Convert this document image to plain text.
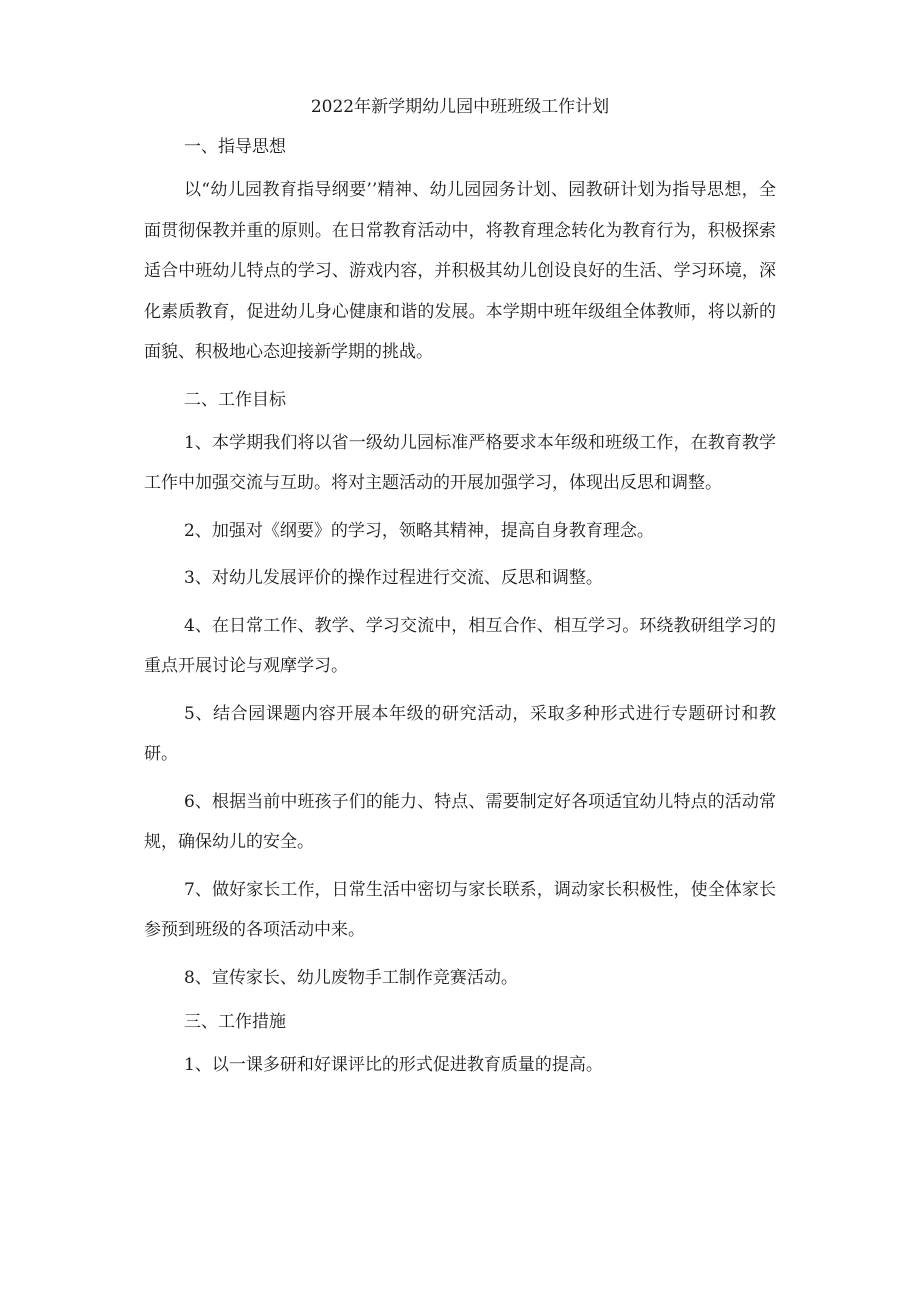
2022年新学期幼儿园中班班级工作计划

一、指导思想

以“幼儿园教育指导纲要’’精神、幼儿园园务计划、园教研计划为指导思想，全面贯彻保教并重的原则。在日常教育活动中，将教育理念转化为教育行为，积极探索适合中班幼儿特点的学习、游戏内容，并积极其幼儿创设良好的生活、学习环境，深化素质教育，促进幼儿身心健康和谐的发展。本学期中班年级组全体教师，将以新的面貌、积极地心态迎接新学期的挑战。

二、工作目标

1、本学期我们将以省一级幼儿园标准严格要求本年级和班级工作，在教育教学工作中加强交流与互助。将对主题活动的开展加强学习，体现出反思和调整。

2、加强对《纲要》的学习，领略其精神，提高自身教育理念。

3、对幼儿发展评价的操作过程进行交流、反思和调整。

4、在日常工作、教学、学习交流中，相互合作、相互学习。环绕教研组学习的重点开展讨论与观摩学习。

5、结合园课题内容开展本年级的研究活动，采取多种形式进行专题研讨和教研。

6、根据当前中班孩子们的能力、特点、需要制定好各项适宜幼儿特点的活动常规，确保幼儿的安全。

7、做好家长工作，日常生活中密切与家长联系，调动家长积极性，使全体家长参预到班级的各项活动中来。

8、宣传家长、幼儿废物手工制作竞赛活动。

三、工作措施

1、以一课多研和好课评比的形式促进教育质量的提高。
